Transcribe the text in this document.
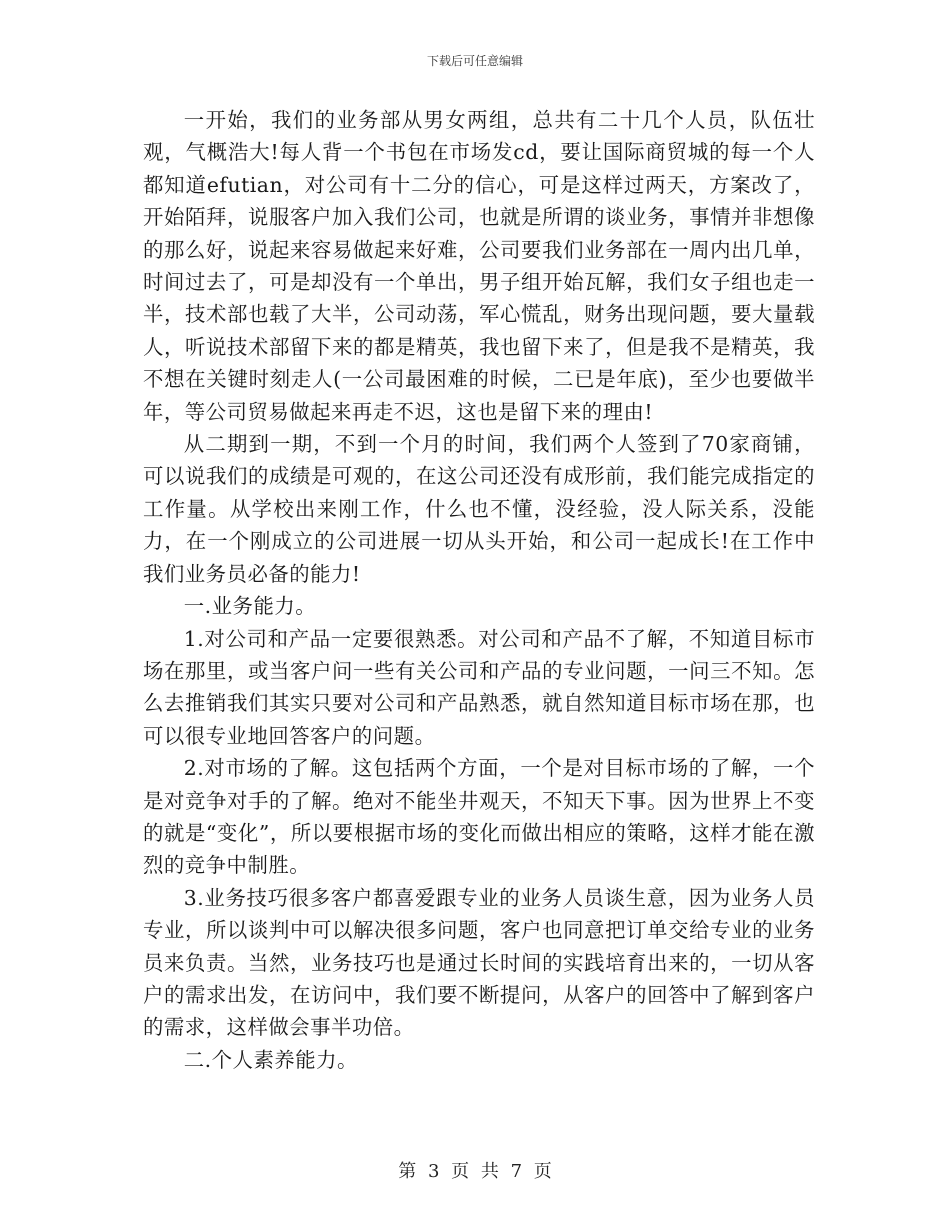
下载后可任意编辑

一开始，我们的业务部从男女两组，总共有二十几个人员，队伍壮观，气概浩大!每人背一个书包在市场发cd，要让国际商贸城的每一个人都知道efutian，对公司有十二分的信心，可是这样过两天，方案改了，开始陌拜，说服客户加入我们公司，也就是所谓的谈业务，事情并非想像的那么好，说起来容易做起来好难，公司要我们业务部在一周内出几单，时间过去了，可是却没有一个单出，男子组开始瓦解，我们女子组也走一半，技术部也载了大半，公司动荡，军心慌乱，财务出现问题，要大量载人，听说技术部留下来的都是精英，我也留下来了，但是我不是精英，我不想在关键时刻走人(一公司最困难的时候，二已是年底)，至少也要做半年，等公司贸易做起来再走不迟，这也是留下来的理由!

从二期到一期，不到一个月的时间，我们两个人签到了70家商铺，可以说我们的成绩是可观的，在这公司还没有成形前，我们能完成指定的工作量。从学校出来刚工作，什么也不懂，没经验，没人际关系，没能力，在一个刚成立的公司进展一切从头开始，和公司一起成长!在工作中我们业务员必备的能力!

一.业务能力。

1.对公司和产品一定要很熟悉。对公司和产品不了解，不知道目标市场在那里，或当客户问一些有关公司和产品的专业问题，一问三不知。怎么去推销我们其实只要对公司和产品熟悉，就自然知道目标市场在那，也可以很专业地回答客户的问题。

2.对市场的了解。这包括两个方面，一个是对目标市场的了解，一个是对竞争对手的了解。绝对不能坐井观天，不知天下事。因为世界上不变的就是“变化”，所以要根据市场的变化而做出相应的策略，这样才能在激烈的竞争中制胜。

3.业务技巧很多客户都喜爱跟专业的业务人员谈生意，因为业务人员专业，所以谈判中可以解决很多问题，客户也同意把订单交给专业的业务员来负责。当然，业务技巧也是通过长时间的实践培育出来的，一切从客户的需求出发，在访问中，我们要不断提问，从客户的回答中了解到客户的需求，这样做会事半功倍。

二.个人素养能力。

第 3 页 共 7 页
